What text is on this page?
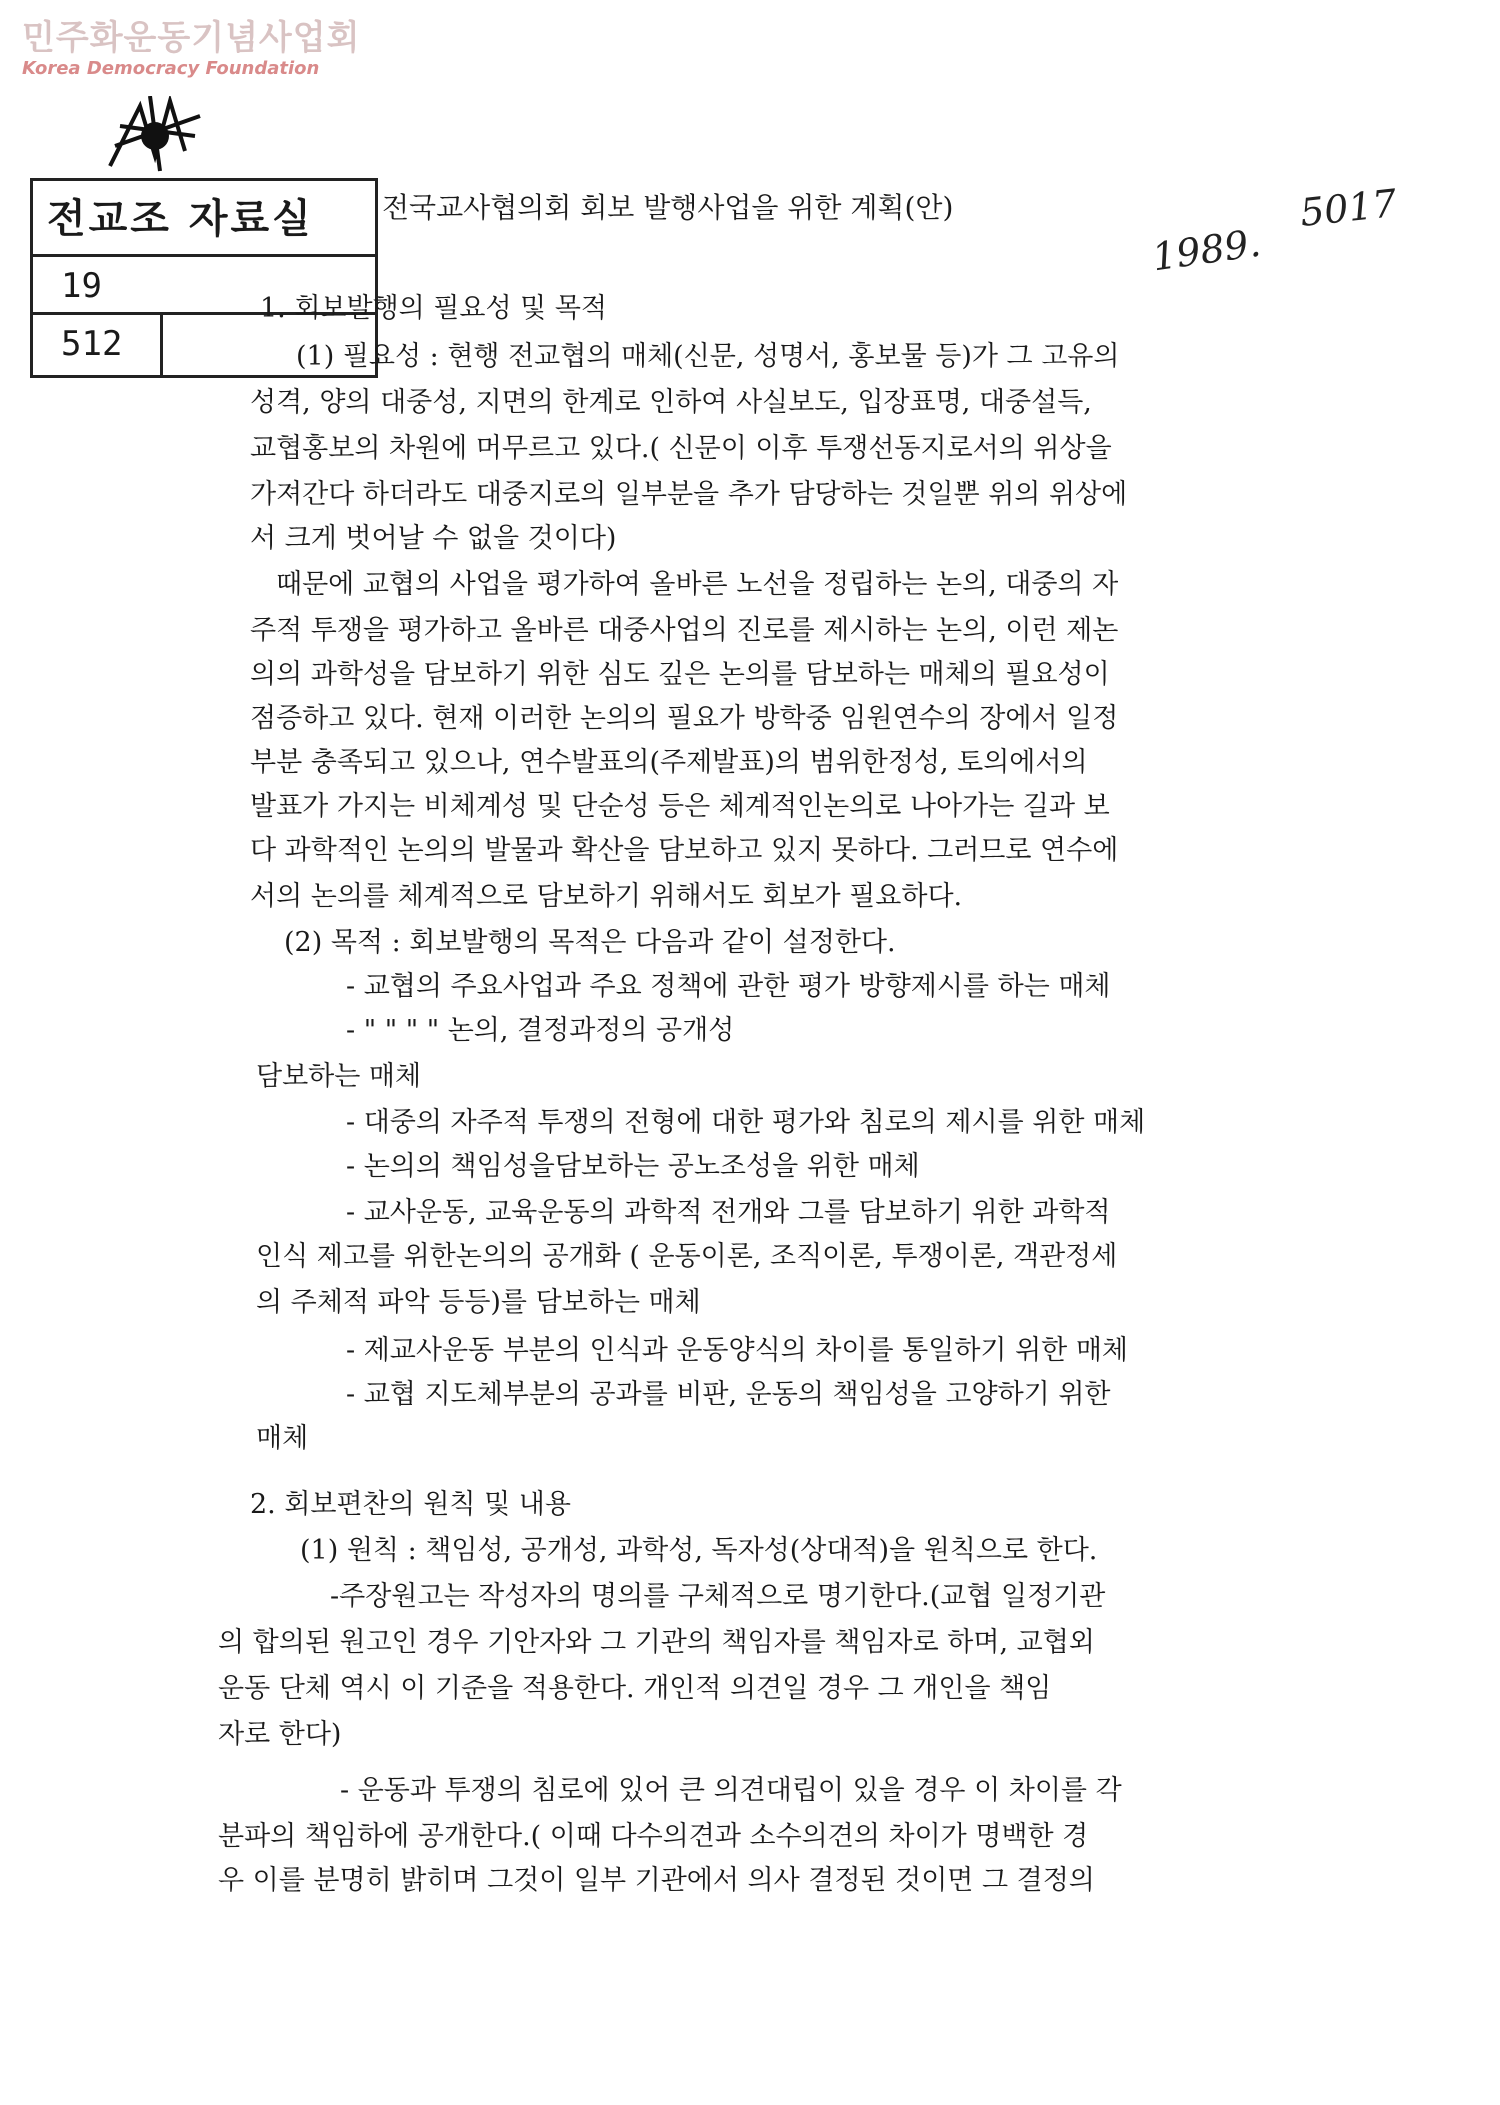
민주화운동기념사업회
Korea Democracy Foundation
전교조 자료실
19
512
1989.
5017
전국교사협의회 회보 발행사업을 위한 계획(안)
1. 회보발행의 필요성 및 목적
(1) 필요성 : 현행 전교협의 매체(신문, 성명서, 홍보물 등)가 그 고유의
성격, 양의 대중성, 지면의 한계로 인하여 사실보도, 입장표명, 대중설득,
교협홍보의 차원에 머무르고 있다.( 신문이 이후 투쟁선동지로서의 위상을
가져간다 하더라도 대중지로의 일부분을 추가 담당하는 것일뿐 위의 위상에
서 크게 벗어날 수 없을 것이다)
때문에 교협의 사업을 평가하여 올바른 노선을 정립하는 논의, 대중의 자
주적 투쟁을 평가하고 올바른 대중사업의 진로를 제시하는 논의, 이런 제논
의의 과학성을 담보하기 위한 심도 깊은 논의를 담보하는 매체의 필요성이
점증하고 있다. 현재 이러한 논의의 필요가 방학중 임원연수의 장에서 일정
부분 충족되고 있으나, 연수발표의(주제발표)의 범위한정성, 토의에서의
발표가 가지는 비체계성 및 단순성 등은 체계적인논의로 나아가는 길과 보
다 과학적인 논의의 발물과 확산을 담보하고 있지 못하다. 그러므로 연수에
서의 논의를 체계적으로 담보하기 위해서도 회보가 필요하다.
(2) 목적 : 회보발행의 목적은 다음과 같이 설정한다.
- 교협의 주요사업과 주요 정책에 관한 평가 방향제시를 하는 매체
- " " " " 논의, 결정과정의 공개성
담보하는 매체
- 대중의 자주적 투쟁의 전형에 대한 평가와 침로의 제시를 위한 매체
- 논의의 책임성을담보하는 공노조성을 위한 매체
- 교사운동, 교육운동의 과학적 전개와 그를 담보하기 위한 과학적
인식 제고를 위한논의의 공개화 ( 운동이론, 조직이론, 투쟁이론, 객관정세
의 주체적 파악 등등)를 담보하는 매체
- 제교사운동 부분의 인식과 운동양식의 차이를 통일하기 위한 매체
- 교협 지도체부분의 공과를 비판, 운동의 책임성을 고양하기 위한
매체
2. 회보편찬의 원칙 및 내용
(1) 원칙 : 책임성, 공개성, 과학성, 독자성(상대적)을 원칙으로 한다.
-주장원고는 작성자의 명의를 구체적으로 명기한다.(교협 일정기관
의 합의된 원고인 경우 기안자와 그 기관의 책임자를 책임자로 하며, 교협외
운동 단체 역시 이 기준을 적용한다. 개인적 의견일 경우 그 개인을 책임
자로 한다)
- 운동과 투쟁의 침로에 있어 큰 의견대립이 있을 경우 이 차이를 각
분파의 책임하에 공개한다.( 이때 다수의견과 소수의견의 차이가 명백한 경
우 이를 분명히 밝히며 그것이 일부 기관에서 의사 결정된 것이면 그 결정의
